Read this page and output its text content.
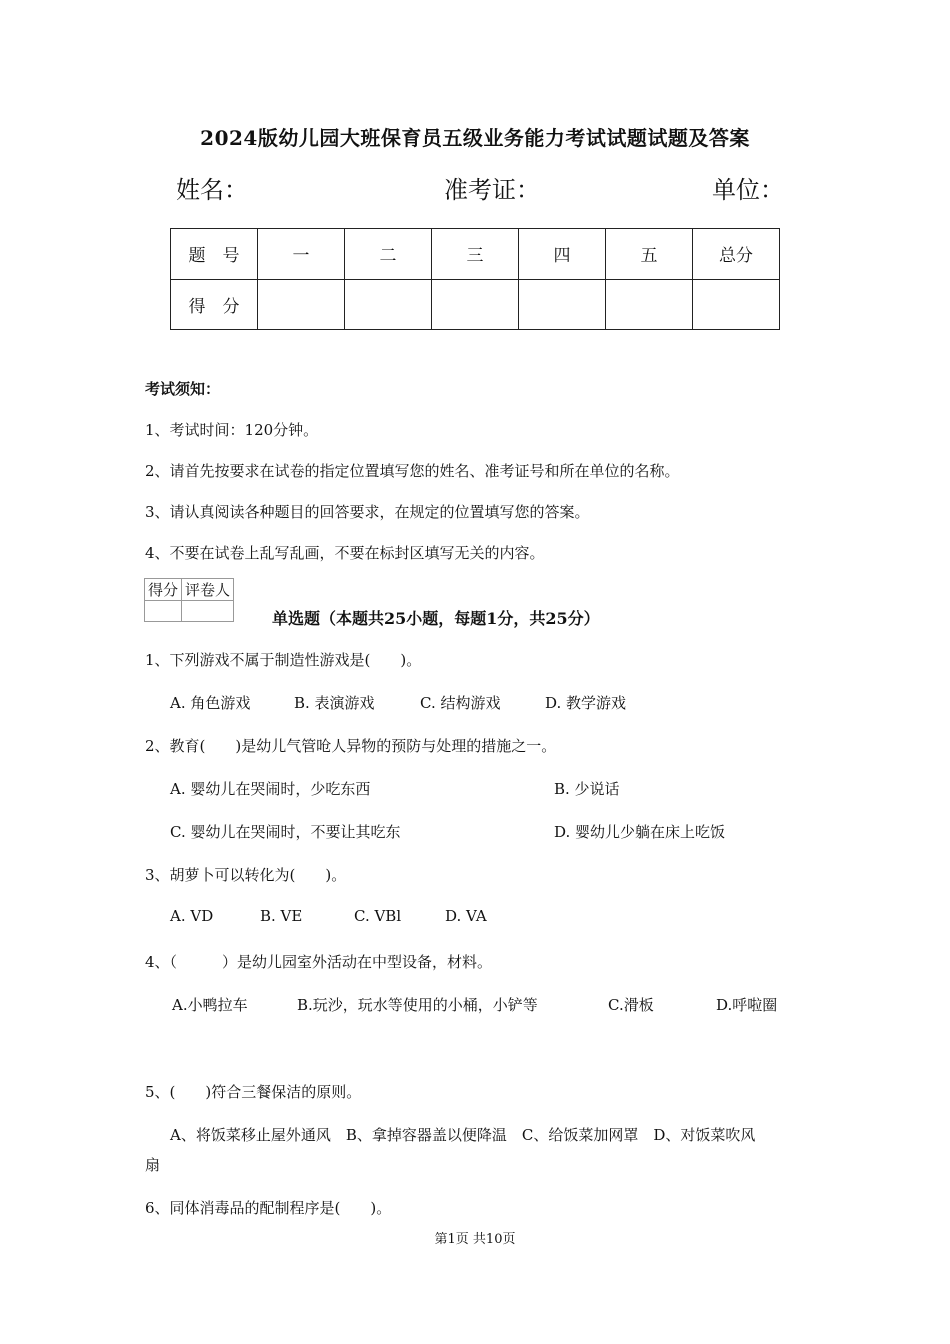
2024版幼儿园大班保育员五级业务能力考试试题试题及答案
姓名：	准考证：	单位：
题　号	一	二	三	四	五	总分
得　分						
考试须知：
1、考试时间：120分钟。
2、请首先按要求在试卷的指定位置填写您的姓名、准考证号和所在单位的名称。
3、请认真阅读各种题目的回答要求，在规定的位置填写您的答案。
4、不要在试卷上乱写乱画，不要在标封区填写无关的内容。
得分	评卷人

单选题（本题共25小题，每题1分，共25分）
1、下列游戏不属于制造性游戏是(　　)。
A. 角色游戏	B. 表演游戏	C. 结构游戏	D. 教学游戏
2、教育(　　)是幼儿气管呛人异物的预防与处理的措施之一。
A. 婴幼儿在哭闹时，少吃东西	B. 少说话
C. 婴幼儿在哭闹时，不要让其吃东	D. 婴幼儿少躺在床上吃饭
3、胡萝卜可以转化为(　　)。
A. VD	B. VE	C. VBl	D. VA
4、（　　　）是幼儿园室外活动在中型设备，材料。
A.小鸭拉车	B.玩沙，玩水等使用的小桶，小铲等	C.滑板	D.呼啦圈
5、(　　)符合三餐保洁的原则。
A、将饭菜移止屋外通风　B、拿掉容器盖以便降温　C、给饭菜加网罩　D、对饭菜吹风
扇
6、同体消毒品的配制程序是(　　)。
第1页 共10页
